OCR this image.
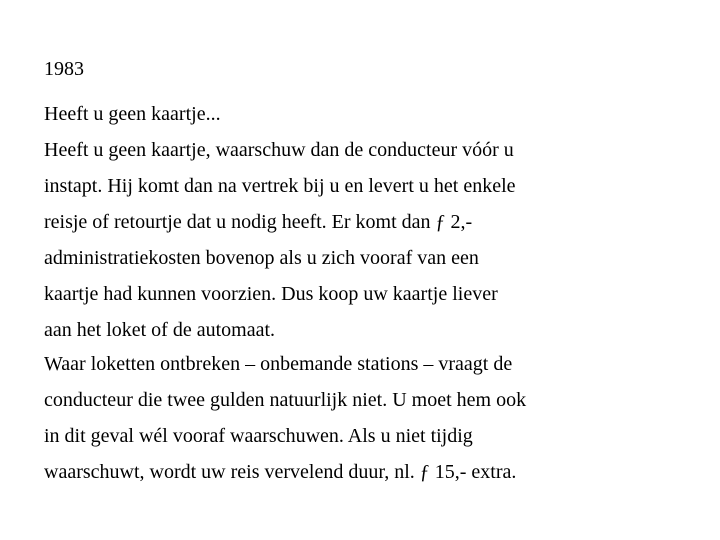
1983
Heeft u geen kaartje...
Heeft u geen kaartje, waarschuw dan de conducteur vóór u
instapt. Hij komt dan na vertrek bij u en levert u het enkele
reisje of retourtje dat u nodig heeft. Er komt dan ƒ 2,-
administratiekosten bovenop als u zich vooraf van een
kaartje had kunnen voorzien. Dus koop uw kaartje liever
aan het loket of de automaat.
Waar loketten ontbreken – onbemande stations – vraagt de
conducteur die twee gulden natuurlijk niet. U moet hem ook
in dit geval wél vooraf waarschuwen. Als u niet tijdig
waarschuwt, wordt uw reis vervelend duur, nl. ƒ 15,- extra.
